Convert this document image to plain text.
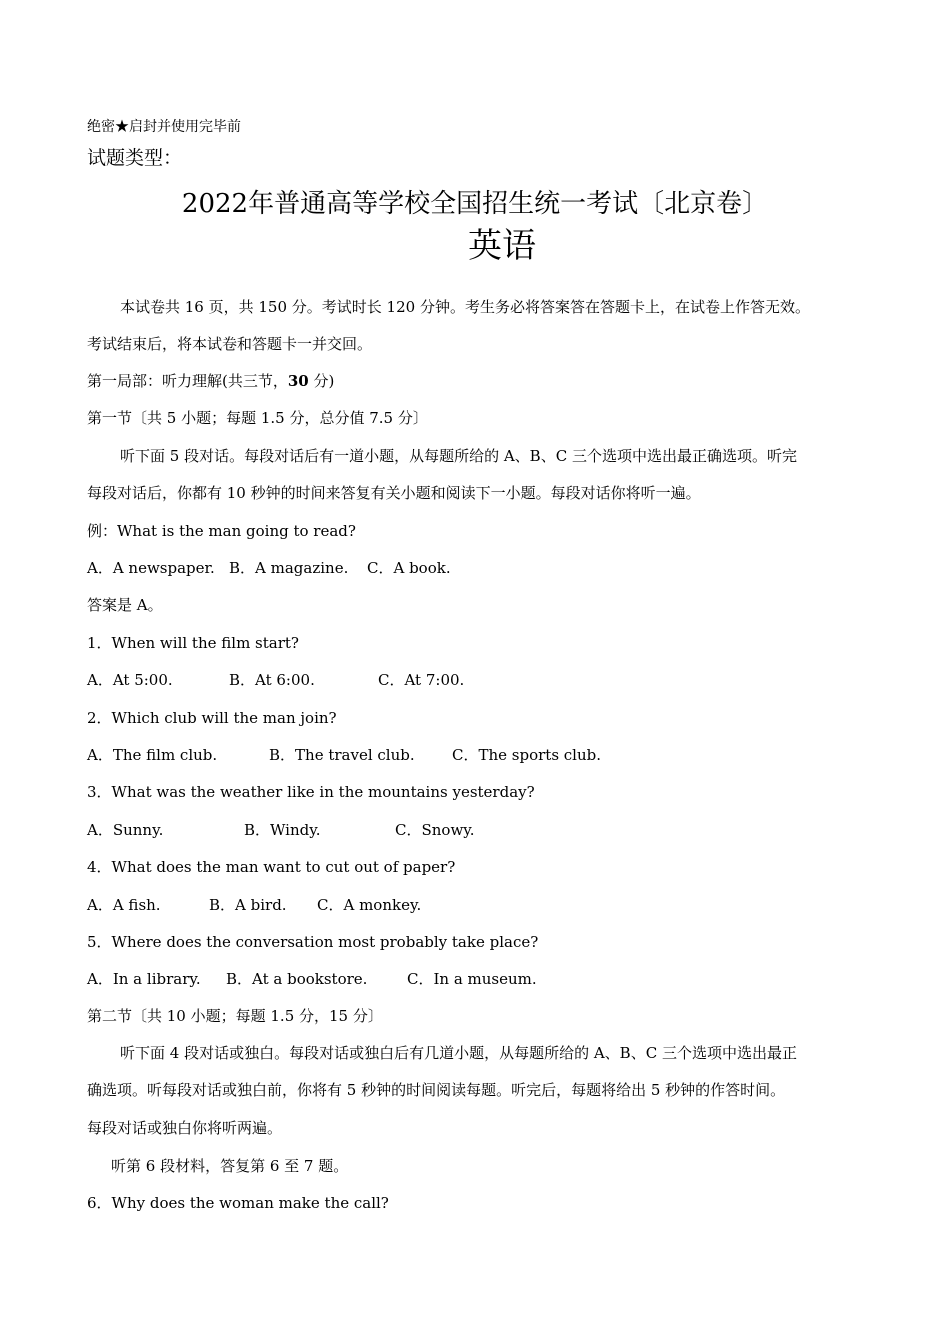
绝密★启封并使用完毕前
试题类型：
2022年普通高等学校全国招生统一考试〔北京卷〕
英语
本试卷共 16 页，共 150 分。考试时长 120 分钟。考生务必将答案答在答题卡上，在试卷上作答无效。
考试结束后，将本试卷和答题卡一并交回。
第一局部：听力理解(共三节，30 分)
第一节〔共 5 小题；每题 1.5 分，总分值 7.5 分〕
听下面 5 段对话。每段对话后有一道小题，从每题所给的 A、B、C 三个选项中选出最正确选项。听完
每段对话后，你都有 10 秒钟的时间来答复有关小题和阅读下一小题。每段对话你将听一遍。
例：What is the man going to read?
A．A newspaper. B．A magazine. C．A book.
答案是 A。
1．When will the film start?
A．At 5:00.	B．At 6:00.	C．At 7:00.
2．Which club will the man join?
A．The film club.	B．The travel club. C．The sports club.
3．What was the weather like in the mountains yesterday?
A．Sunny.	B．Windy.	C．Snowy.
4．What does the man want to cut out of paper?
A．A fish.	B．A bird. C．A monkey.
5．Where does the conversation most probably take place?
A．In a library. B．At a bookstore.	C．In a museum.
第二节〔共 10 小题；每题 1.5 分，15 分〕
听下面 4 段对话或独白。每段对话或独白后有几道小题，从每题所给的 A、B、C 三个选项中选出最正
确选项。听每段对话或独白前，你将有 5 秒钟的时间阅读每题。听完后，每题将给出 5 秒钟的作答时间。
每段对话或独白你将听两遍。
听第 6 段材料，答复第 6 至 7 题。
6．Why does the woman make the call?
